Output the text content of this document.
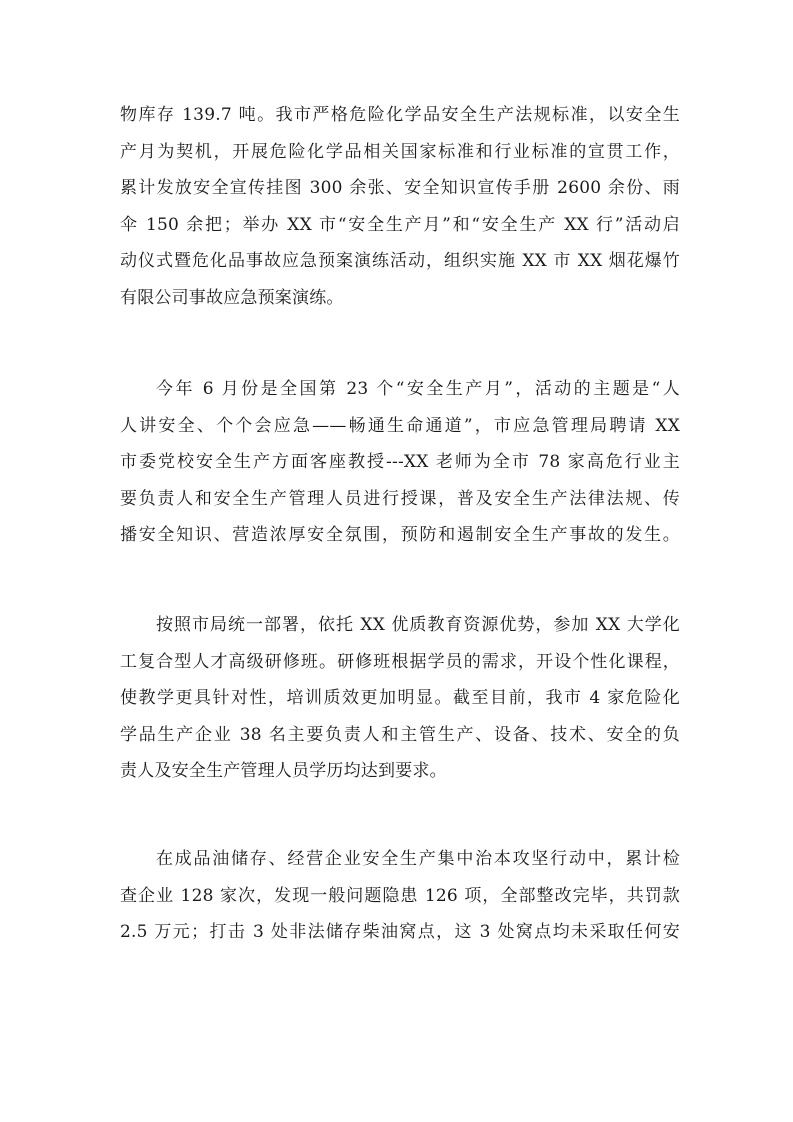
物库存 139.7 吨。我市严格危险化学品安全生产法规标准，以安全生
产月为契机，开展危险化学品相关国家标准和行业标准的宣贯工作，
累计发放安全宣传挂图 300 余张、安全知识宣传手册 2600 余份、雨
伞 150 余把；举办 XX 市“安全生产月”和“安全生产 XX 行”活动启
动仪式暨危化品事故应急预案演练活动，组织实施 XX 市 XX 烟花爆竹
有限公司事故应急预案演练。
今年 6 月份是全国第 23 个“安全生产月”，活动的主题是“人
人讲安全、个个会应急——畅通生命通道”，市应急管理局聘请 XX
市委党校安全生产方面客座教授---XX 老师为全市 78 家高危行业主
要负责人和安全生产管理人员进行授课，普及安全生产法律法规、传
播安全知识、营造浓厚安全氛围，预防和遏制安全生产事故的发生。
按照市局统一部署，依托 XX 优质教育资源优势，参加 XX 大学化
工复合型人才高级研修班。研修班根据学员的需求，开设个性化课程，
使教学更具针对性，培训质效更加明显。截至目前，我市 4 家危险化
学品生产企业 38 名主要负责人和主管生产、设备、技术、安全的负
责人及安全生产管理人员学历均达到要求。
在成品油储存、经营企业安全生产集中治本攻坚行动中，累计检
查企业 128 家次，发现一般问题隐患 126 项，全部整改完毕，共罚款
2.5 万元；打击 3 处非法储存柴油窝点，这 3 处窝点均未采取任何安
